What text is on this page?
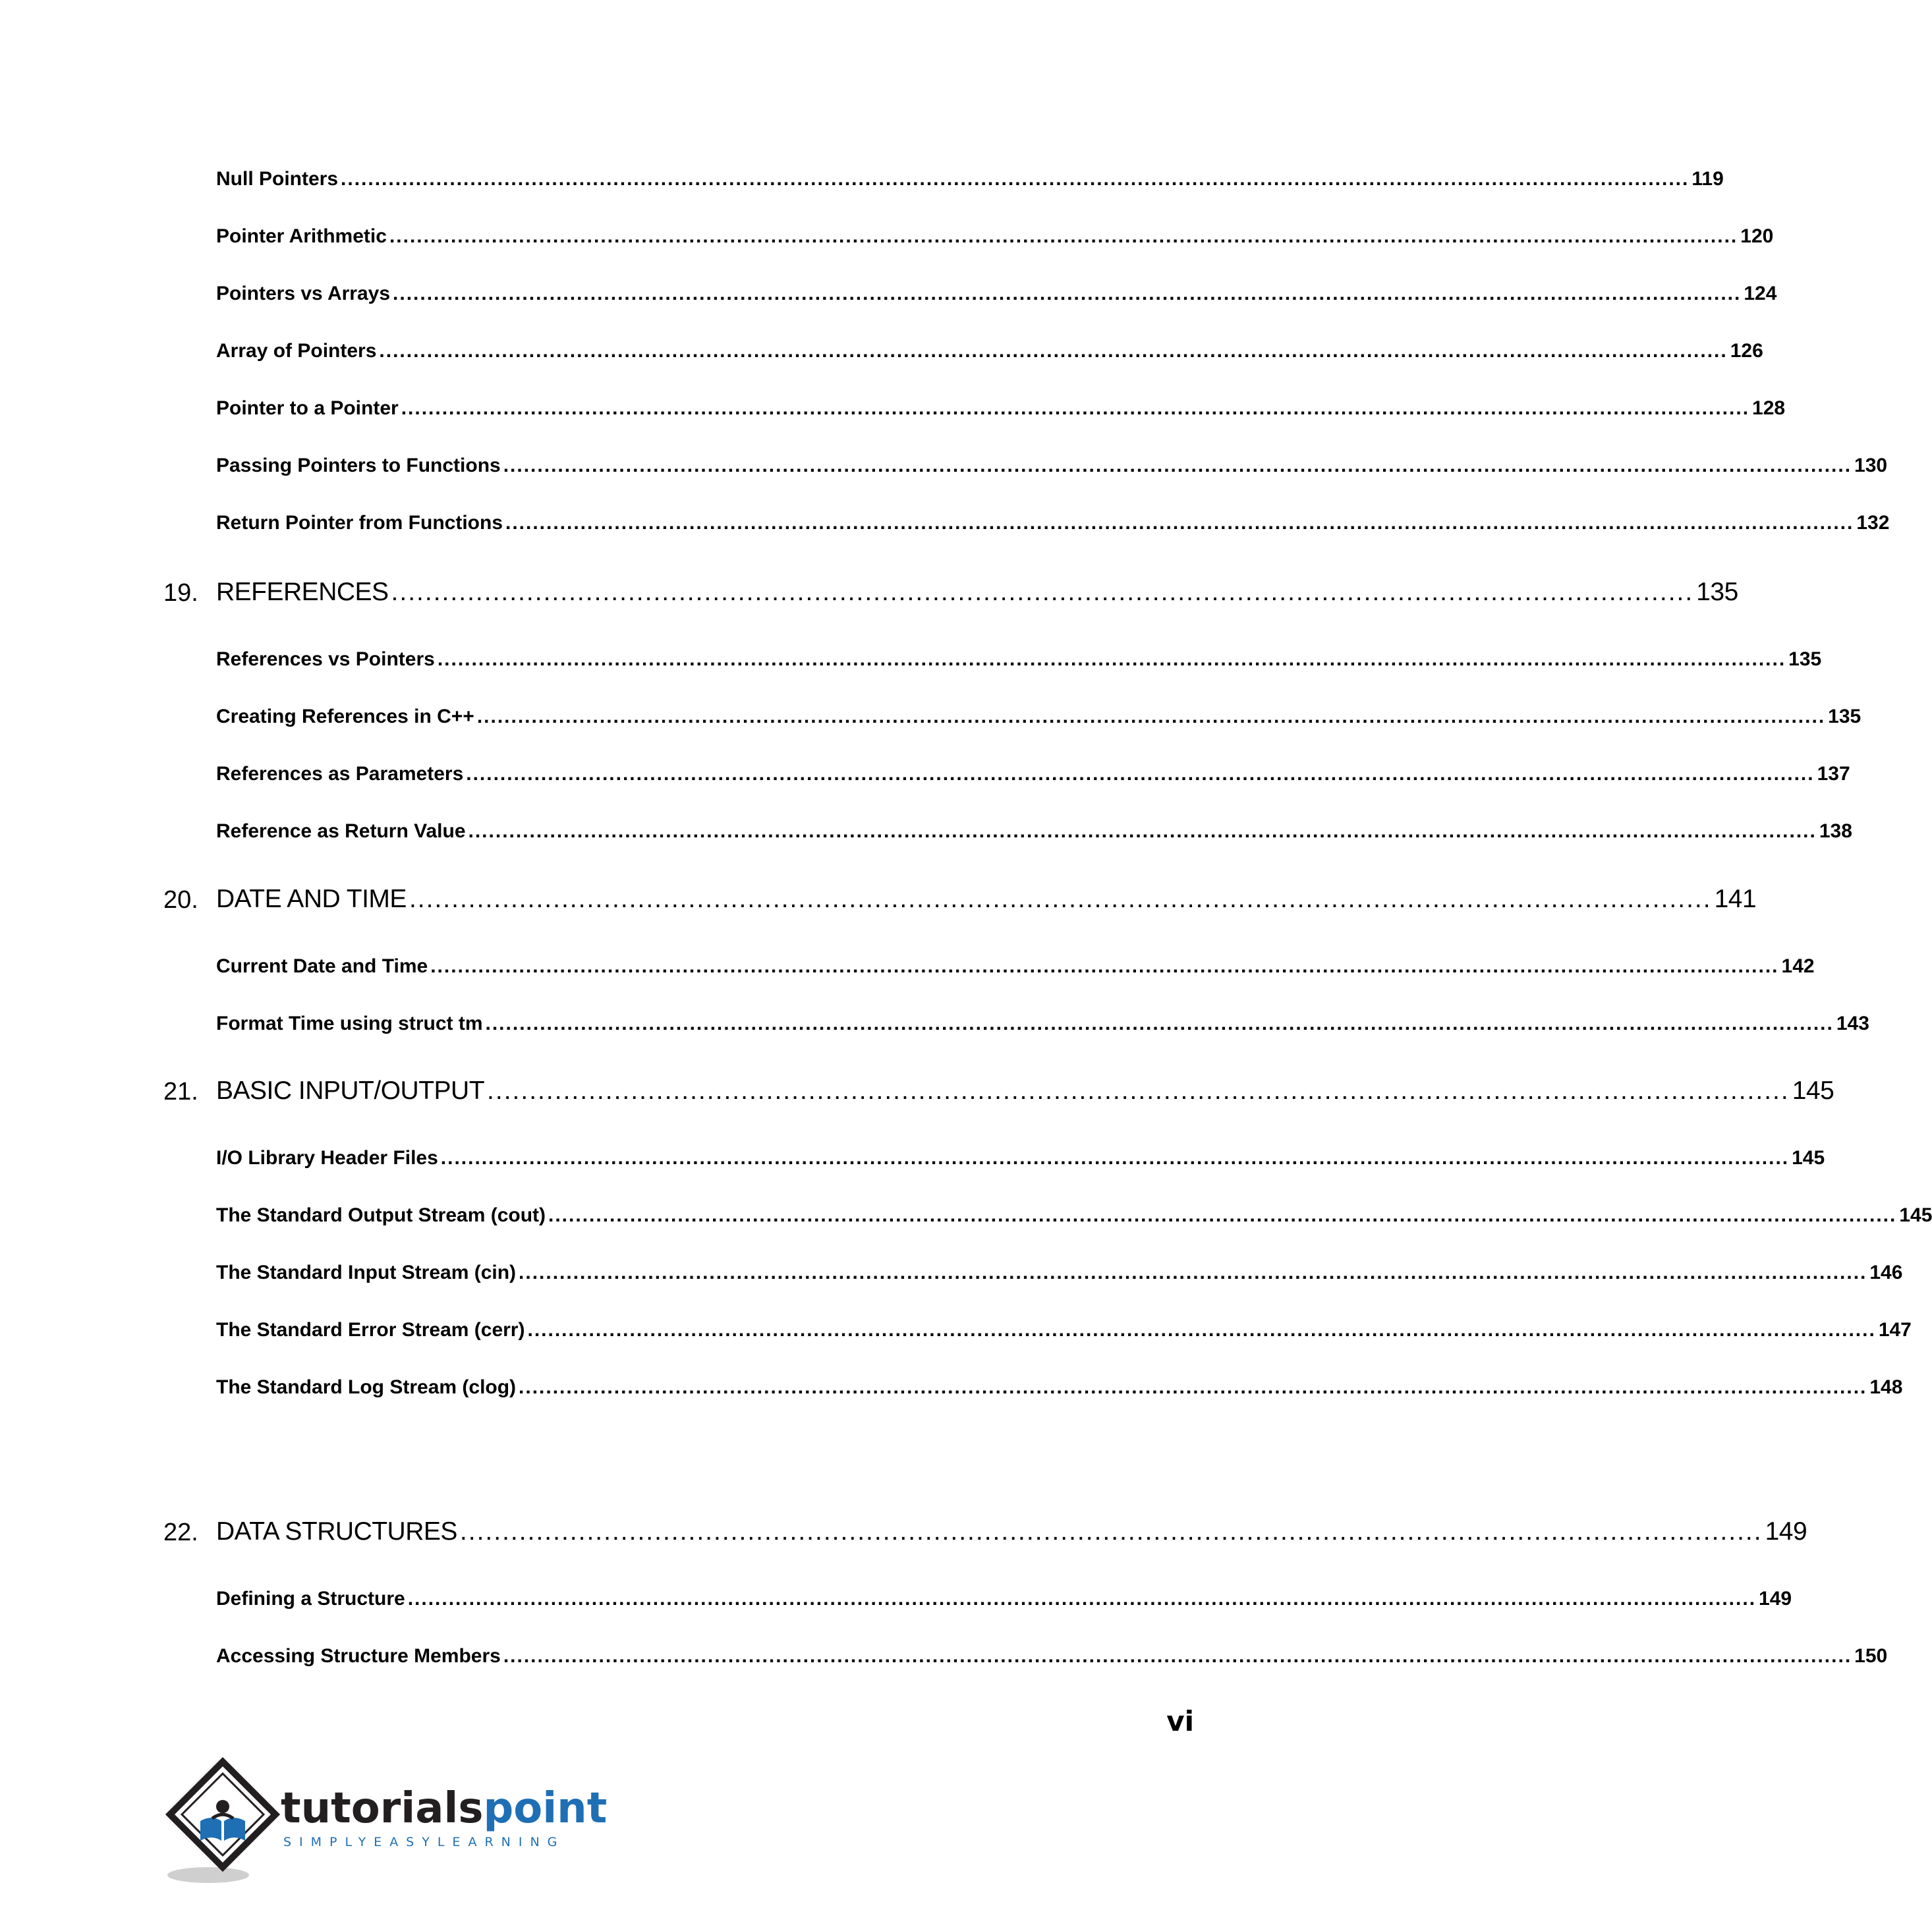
Null Pointers ...................................................................................................................................................................................................... 119
Pointer Arithmetic ...................................................................................................................................................................................................... 120
Pointers vs Arrays ...................................................................................................................................................................................................... 124
Array of Pointers ...................................................................................................................................................................................................... 126
Pointer to a Pointer ...................................................................................................................................................................................................... 128
Passing Pointers to Functions ...................................................................................................................................................................................................... 130
Return Pointer from Functions ...................................................................................................................................................................................................... 132
19. REFERENCES .......................................................................................................................................................... 135
References vs Pointers ...................................................................................................................................................................................................... 135
Creating References in C++ ...................................................................................................................................................................................................... 135
References as Parameters ...................................................................................................................................................................................................... 137
Reference as Return Value ...................................................................................................................................................................................................... 138
20. DATE AND TIME .......................................................................................................................................................... 141
Current Date and Time ...................................................................................................................................................................................................... 142
Format Time using struct tm ...................................................................................................................................................................................................... 143
21. BASIC INPUT/OUTPUT .......................................................................................................................................................... 145
I/O Library Header Files ...................................................................................................................................................................................................... 145
The Standard Output Stream (cout) ...................................................................................................................................................................................................... 145
The Standard Input Stream (cin) ...................................................................................................................................................................................................... 146
The Standard Error Stream (cerr) ...................................................................................................................................................................................................... 147
The Standard Log Stream (clog) ...................................................................................................................................................................................................... 148
22. DATA STRUCTURES .......................................................................................................................................................... 149
Defining a Structure ...................................................................................................................................................................................................... 149
Accessing Structure Members ...................................................................................................................................................................................................... 150
vi
tutorialspoint
SIMPLYEASYLEARNING
